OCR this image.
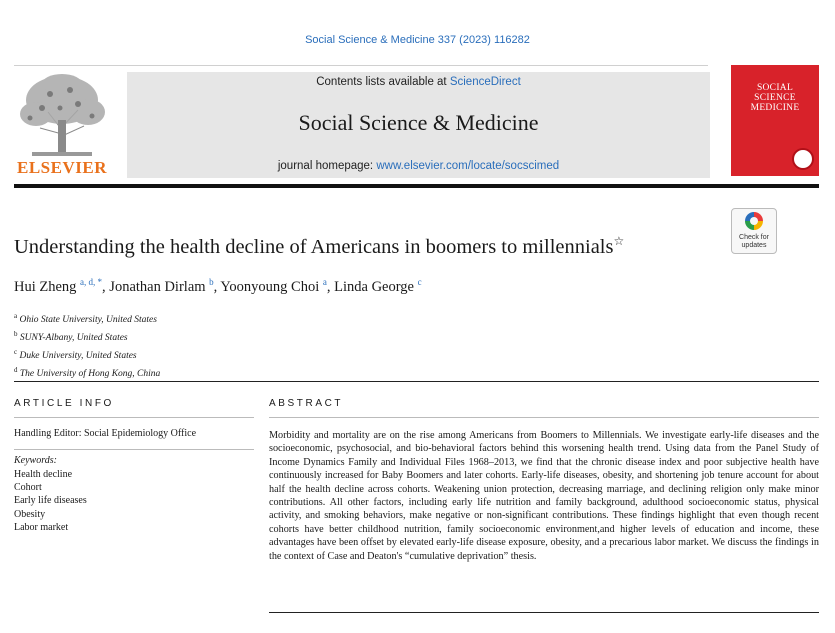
Social Science & Medicine 337 (2023) 116282
ELSEVIER
Contents lists available at ScienceDirect
Social Science & Medicine
journal homepage: www.elsevier.com/locate/socscimed
SOCIAL
SCIENCE
MEDICINE
Check for
updates
Understanding the health decline of Americans in boomers to millennials☆
Hui Zheng $^{a, d, *}$, Jonathan Dirlam $^b$, Yoonyoung Choi $^a$, Linda George $^c$
$^a$ Ohio State University, United States
$^b$ SUNY-Albany, United States
$^c$ Duke University, United States
$^d$ The University of Hong Kong, China
ARTICLE INFO	ABSTRACT
Handling Editor: Social Epidemiology Office
Keywords:
Health decline
Cohort
Early life diseases
Obesity
Labor market
Morbidity and mortality are on the rise among Americans from Boomers to Millennials. We investigate early-life diseases and the socioeconomic, psychosocial, and bio-behavioral factors behind this worsening health trend. Using data from the Panel Study of Income Dynamics Family and Individual Files 1968–2013, we find that the chronic disease index and poor subjective health have continuously increased for Baby Boomers and later cohorts. Early-life diseases, obesity, and shortening job tenure account for about half the health decline across cohorts. Weakening union protection, decreasing marriage, and declining religion only make minor contributions. All other factors, including early life nutrition and family background, adulthood socioeconomic status, physical activity, and smoking behaviors, make negative or non-significant contributions. These findings highlight that even though recent cohorts have better childhood nutrition, family socioeconomic environment,and higher levels of education and income, these advantages have been offset by elevated early-life disease exposure, obesity, and a precarious labor market. We discuss the findings in the context of Case and Deaton's “cumulative deprivation” thesis.
